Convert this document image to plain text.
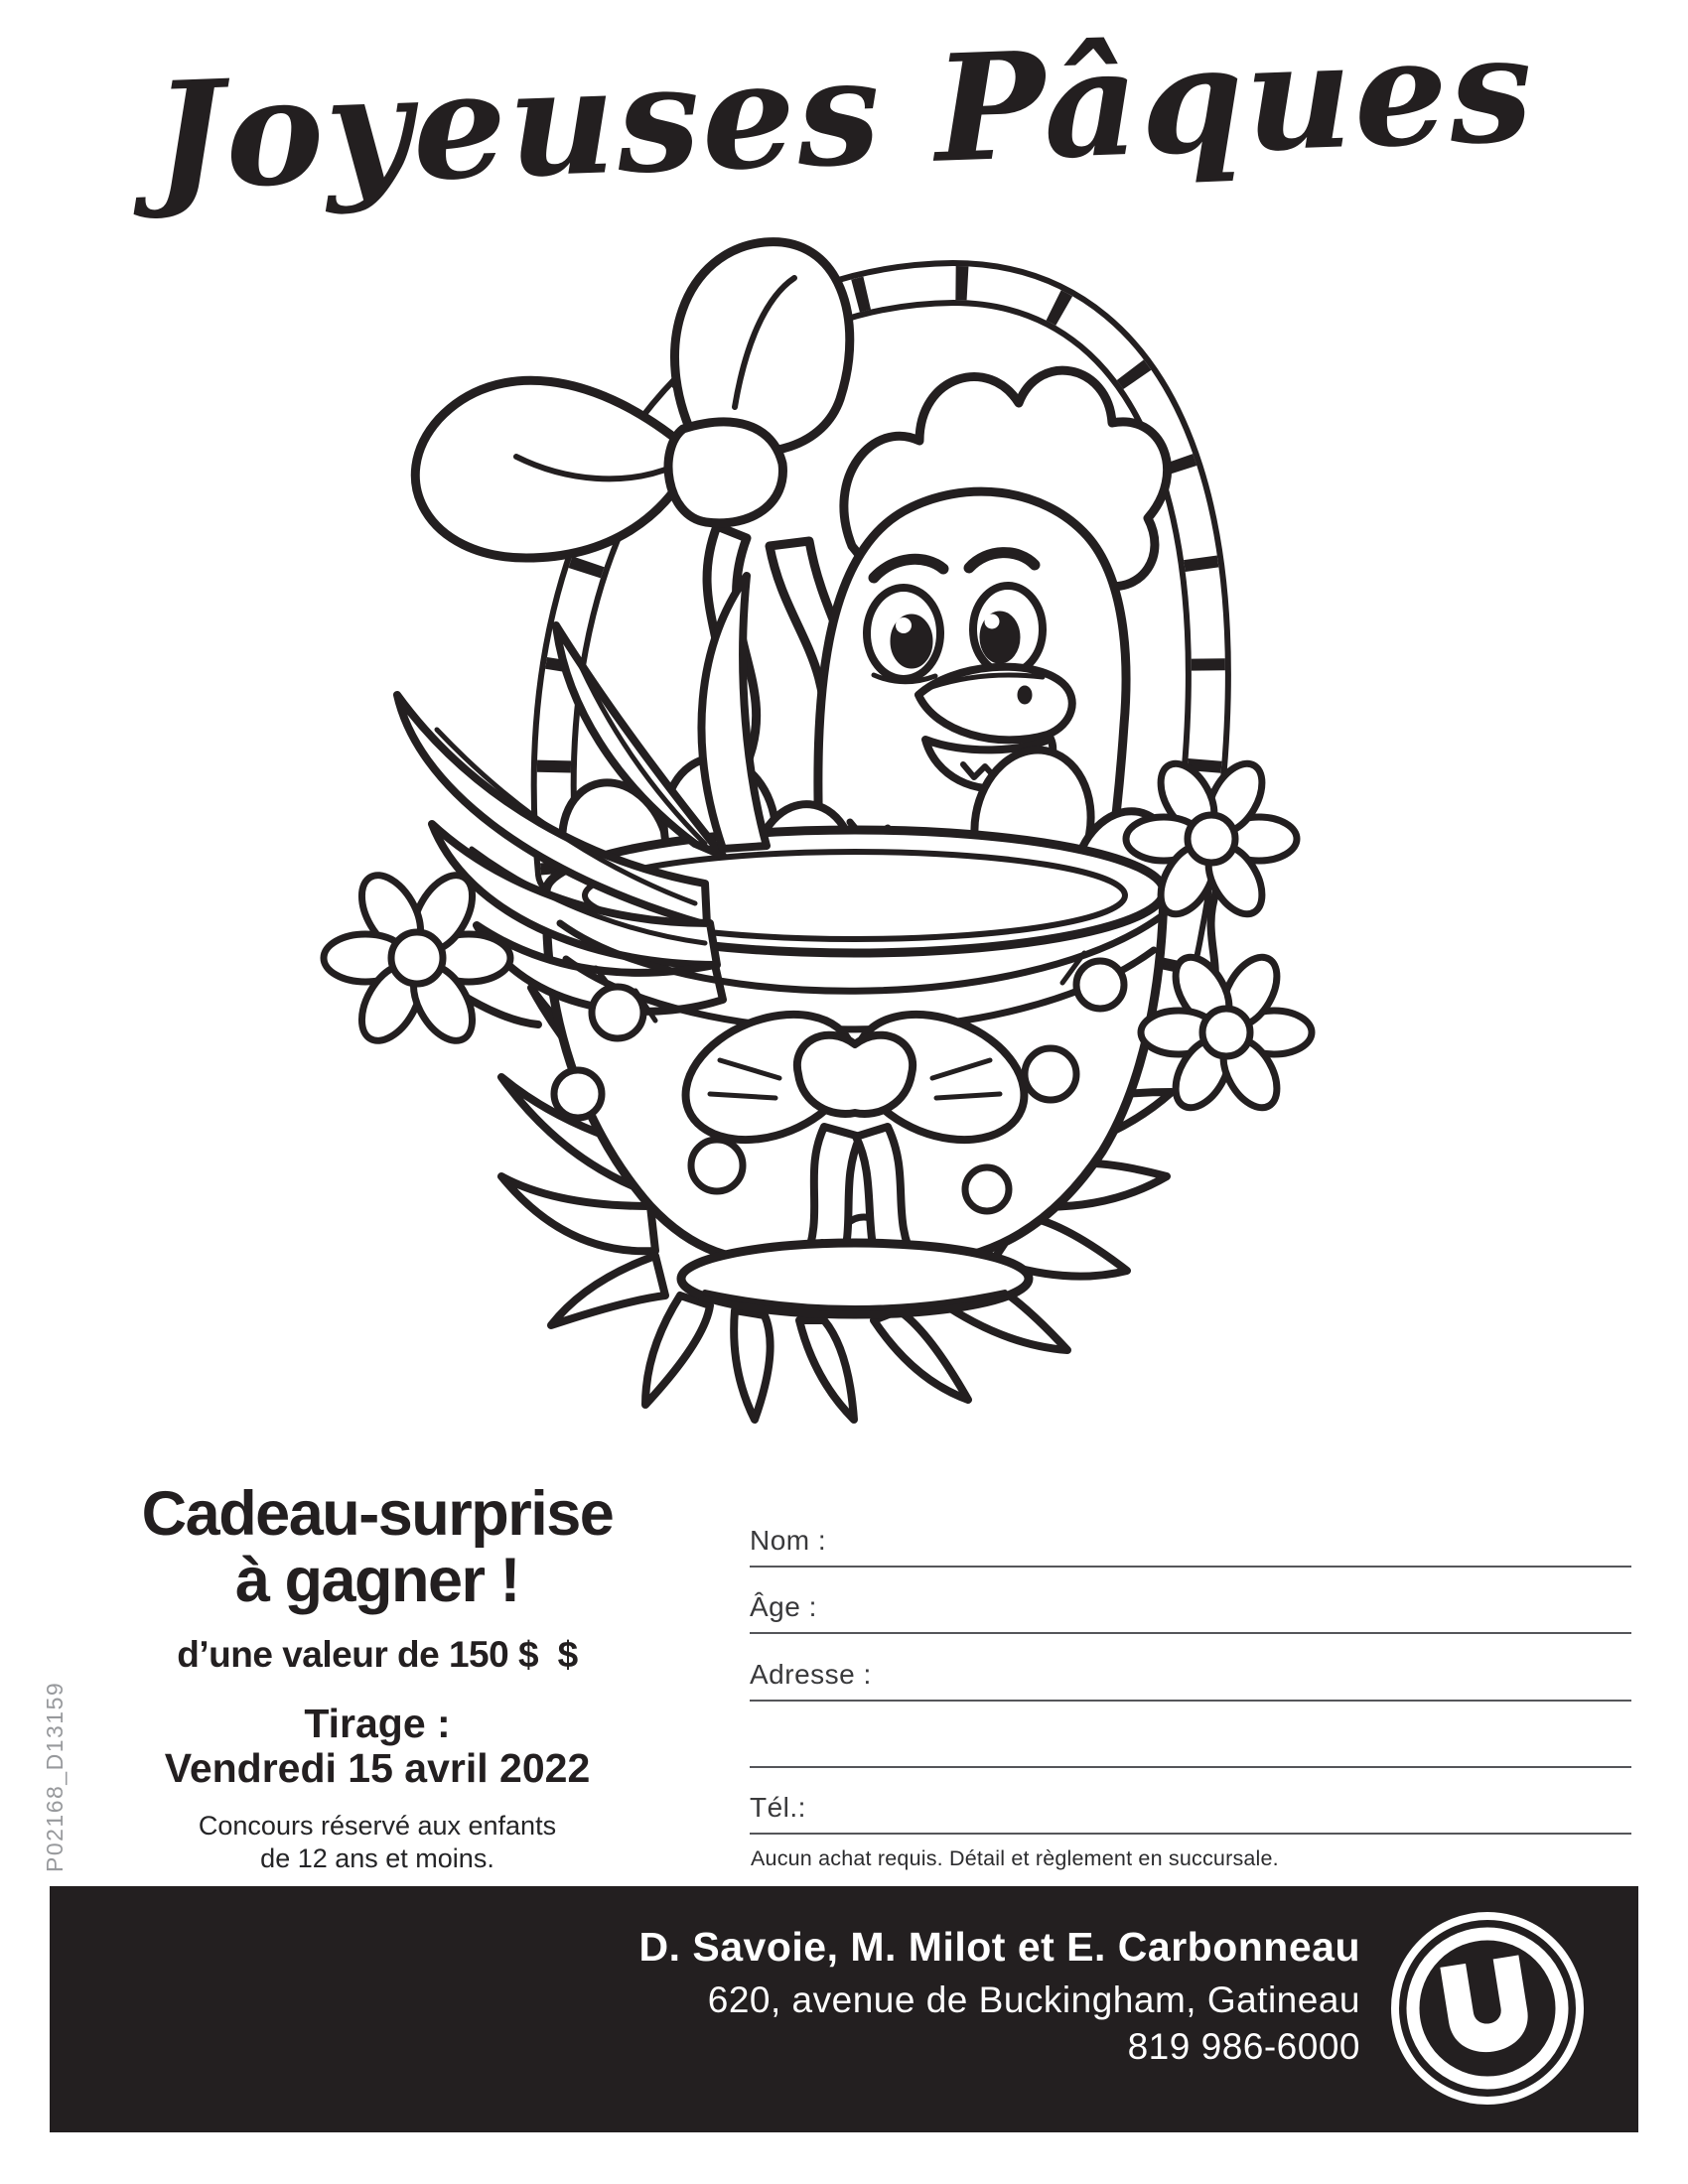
Joyeuses Pâques
P02168_D13159
Cadeau-surprise
à gagner !
d’une valeur de 150 $  $
Tirage :
Vendredi 15 avril 2022
Concours réservé aux enfants
de 12 ans et moins.
Nom :
Âge :
Adresse :
Tél.:
Aucun achat requis. Détail et règlement en succursale.
D. Savoie, M. Milot et E. Carbonneau
620, avenue de Buckingham, Gatineau
819 986-6000
